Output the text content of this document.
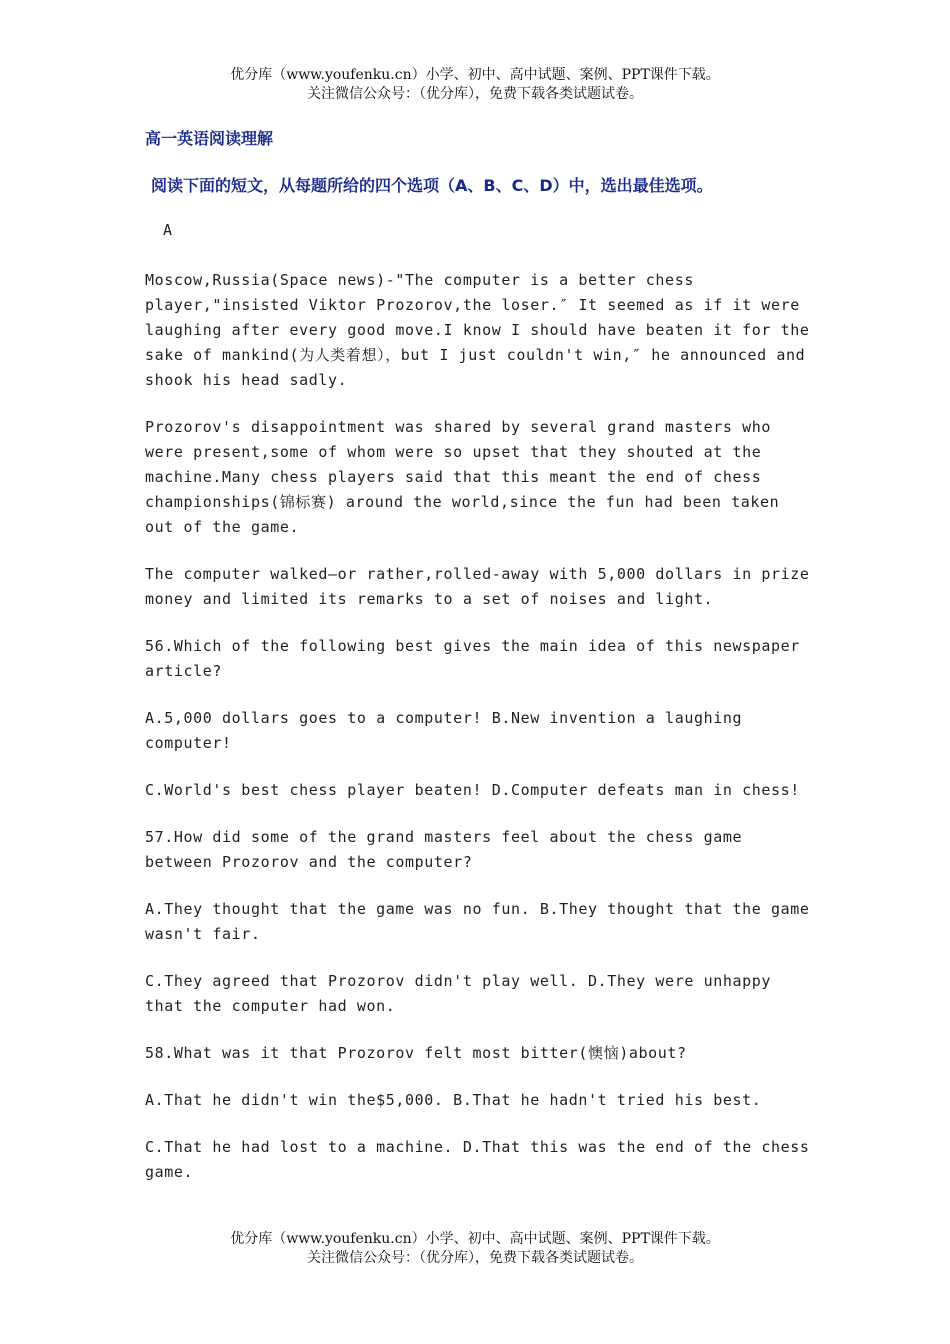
优分库（www.youfenku.cn）小学、初中、高中试题、案例、PPT课件下载。
关注微信公众号：（优分库），免费下载各类试题试卷。
高一英语阅读理解
阅读下面的短文，从每题所给的四个选项（A、B、C、D）中，选出最佳选项。
A

Moscow,Russia(Space news)-"The computer is a better chess player,"insisted Viktor Prozorov,the loser.″ It seemed as if it were laughing after every good move.I know I should have beaten it for the sake of mankind(为人类着想），but I just couldn't win,″ he announced and shook his head sadly.

Prozorov's disappointment was shared by several grand masters who were present,some of whom were so upset that they shouted at the machine.Many chess players said that this meant the end of chess championships(锦标赛) around the world,since the fun had been taken out of the game.

The computer walked—or rather,rolled-away with 5,000 dollars in prize money and limited its remarks to a set of noises and light.

56.Which of the following best gives the main idea of this newspaper article?

A.5,000 dollars goes to a computer! B.New invention a laughing computer!

C.World's best chess player beaten! D.Computer defeats man in chess!

57.How did some of the grand masters feel about the chess game between Prozorov and the computer?

A.They thought that the game was no fun. B.They thought that the game wasn't fair.

C.They agreed that Prozorov didn't play well. D.They were unhappy that the computer had won.

58.What was it that Prozorov felt most bitter(懊恼)about?

A.That he didn't win the$5,000. B.That he hadn't tried his best.

C.That he had lost to a machine. D.That this was the end of the chess game.

优分库（www.youfenku.cn）小学、初中、高中试题、案例、PPT课件下载。
关注微信公众号：（优分库），免费下载各类试题试卷。
